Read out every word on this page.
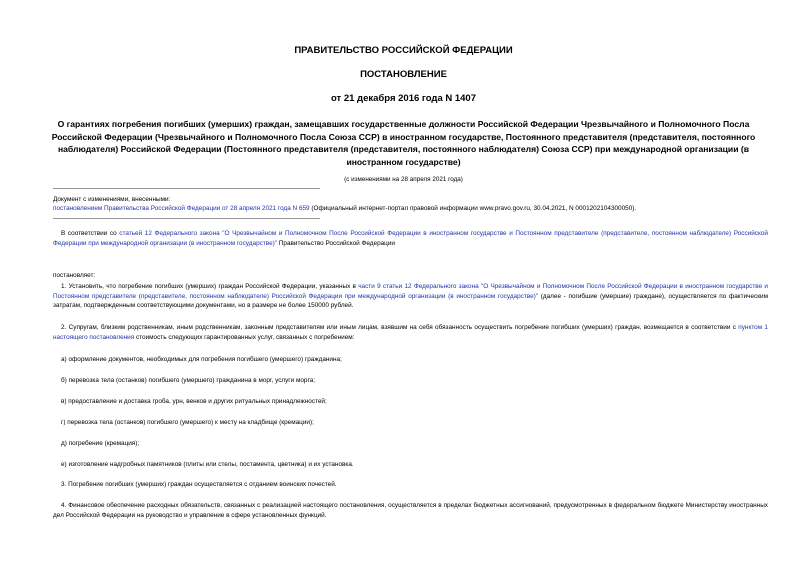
ПРАВИТЕЛЬСТВО РОССИЙСКОЙ ФЕДЕРАЦИИ
ПОСТАНОВЛЕНИЕ
от 21 декабря 2016 года N 1407
О гарантиях погребения погибших (умерших) граждан, замещавших государственные должности Российской Федерации Чрезвычайного и Полномочного Посла Российской Федерации (Чрезвычайного и Полномочного Посла Союза ССР) в иностранном государстве, Постоянного представителя (представителя, постоянного наблюдателя) Российской Федерации (Постоянного представителя (представителя, постоянного наблюдателя) Союза ССР) при международной организации (в иностранном государстве)
(с изменениями на 28 апреля 2021 года)
Документ с изменениями, внесенными:
постановлением Правительства Российской Федерации от 28 апреля 2021 года N 659 (Официальный интернет-портал правовой информации www.pravo.gov.ru, 30.04.2021, N 0001202104300050).
В соответствии со статьей 12 Федерального закона "О Чрезвычайном и Полномочном После Российской Федерации в иностранном государстве и Постоянном представителе (представителе, постоянном наблюдателе) Российской Федерации при международной организации (в иностранном государстве)" Правительство Российской Федерации
постановляет:
1. Установить, что погребение погибших (умерших) граждан Российской Федерации, указанных в части 9 статьи 12 Федерального закона "О Чрезвычайном и Полномочном После Российской Федерации в иностранном государстве и Постоянном представителе (представителе, постоянном наблюдателе) Российской Федерации при международной организации (в иностранном государстве)" (далее - погибшие (умершие) граждане), осуществляется по фактическим затратам, подтвержденным соответствующими документами, но в размере не более 150000 рублей.
2. Супругам, близким родственникам, иным родственникам, законным представителям или иным лицам, взявшим на себя обязанность осуществить погребение погибших (умерших) граждан, возмещается в соответствии с пунктом 1 настоящего постановления стоимость следующих гарантированных услуг, связанных с погребением:
а) оформление документов, необходимых для погребения погибшего (умершего) гражданина;
б) перевозка тела (останков) погибшего (умершего) гражданина в морг, услуги морга;
в) предоставление и доставка гроба, урн, венков и других ритуальных принадлежностей;
г) перевозка тела (останков) погибшего (умершего) к месту на кладбище (кремации);
д) погребение (кремация);
е) изготовление надгробных памятников (плиты или стелы, постамента, цветника) и их установка.
3. Погребение погибших (умерших) граждан осуществляется с отданием воинских почестей.
4. Финансовое обеспечение расходных обязательств, связанных с реализацией настоящего постановления, осуществляется в пределах бюджетных ассигнований, предусмотренных в федеральном бюджете Министерству иностранных дел Российской Федерации на руководство и управление в сфере установленных функций.
